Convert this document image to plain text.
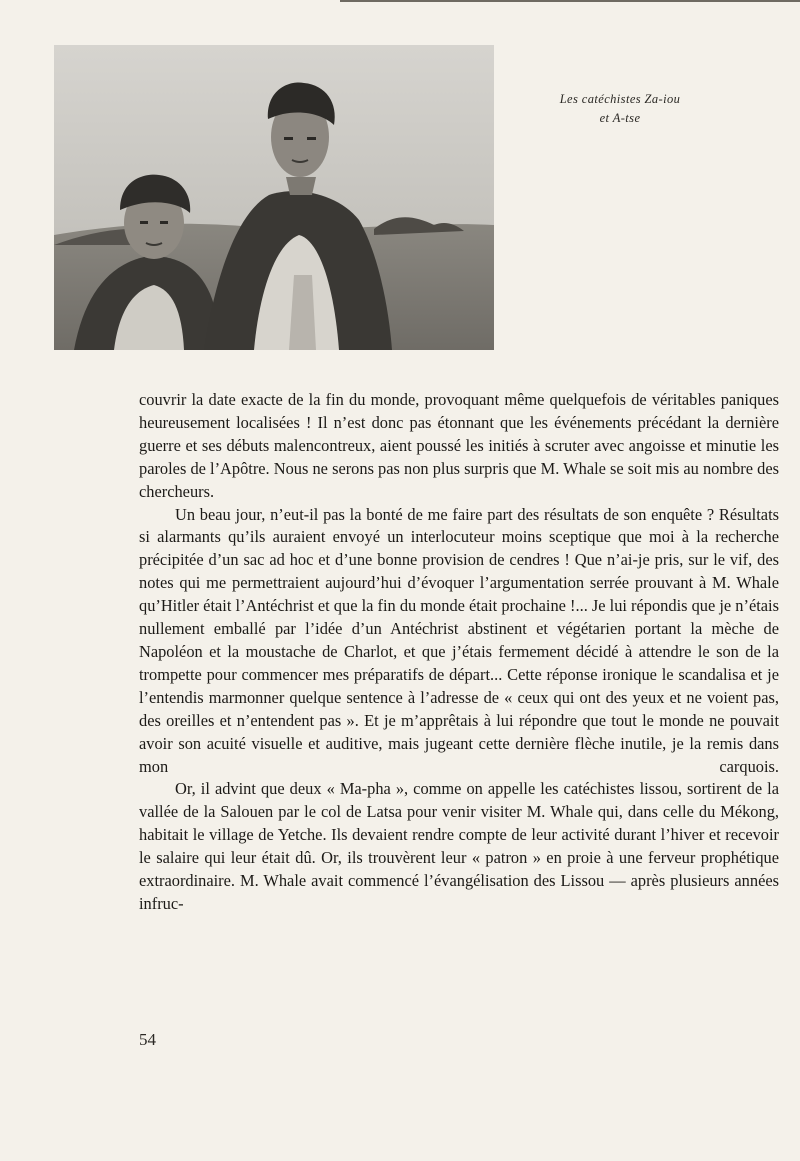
Les catéchistes Za-iou
et A-tse

couvrir la date exacte de la fin du monde, provoquant même quelquefois de véritables paniques heureusement localisées ! Il n’est donc pas étonnant que les événements précédant la dernière guerre et ses débuts malencontreux, aient poussé les initiés à scruter avec angoisse et minutie les paroles de l’Apôtre. Nous ne serons pas non plus surpris que M. Whale se soit mis au nombre des chercheurs.

Un beau jour, n’eut-il pas la bonté de me faire part des résultats de son enquête ? Résultats si alarmants qu’ils auraient envoyé un interlocuteur moins sceptique que moi à la recherche précipitée d’un sac ad hoc et d’une bonne provision de cendres ! Que n’ai-je pris, sur le vif, des notes qui me permettraient aujourd’hui d’évoquer l’argumentation serrée prouvant à M. Whale qu’Hitler était l’Antéchrist et que la fin du monde était prochaine !... Je lui répondis que je n’étais nullement emballé par l’idée d’un Antéchrist abstinent et végétarien portant la mèche de Napoléon et la moustache de Charlot, et que j’étais fermement décidé à attendre le son de la trompette pour commencer mes préparatifs de départ... Cette réponse ironique le scandalisa et je l’entendis marmonner quelque sentence à l’adresse de « ceux qui ont des yeux et ne voient pas, des oreilles et n’entendent pas ». Et je m’apprêtais à lui répondre que tout le monde ne pouvait avoir son acuité visuelle et auditive, mais jugeant cette dernière flèche inutile, je la remis dans mon carquois.

Or, il advint que deux « Ma-pha », comme on appelle les catéchistes lissou, sortirent de la vallée de la Salouen par le col de Latsa pour venir visiter M. Whale qui, dans celle du Mékong, habitait le village de Yetche. Ils devaient rendre compte de leur activité durant l’hiver et recevoir le salaire qui leur était dû. Or, ils trouvèrent leur « patron » en proie à une ferveur prophétique extraordinaire. M. Whale avait commencé l’évangélisation des Lissou — après plusieurs années infruc-

54
